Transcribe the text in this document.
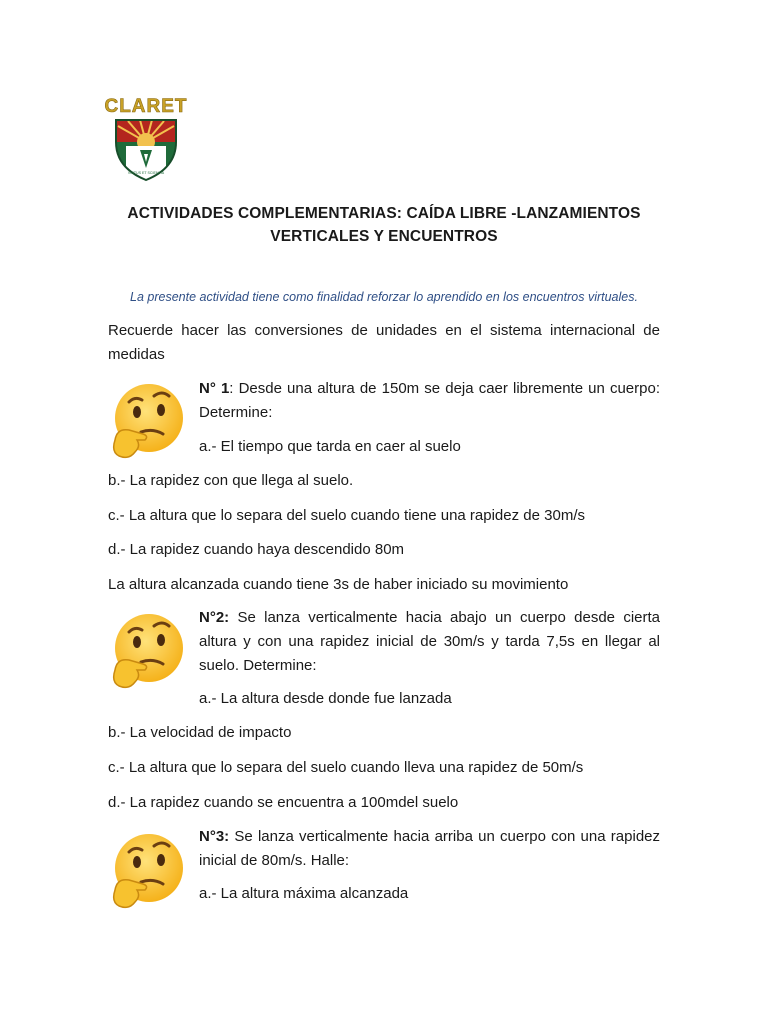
CLARET
VIRTUS ET SCIENTIA
ACTIVIDADES COMPLEMENTARIAS: CAÍDA LIBRE -LANZAMIENTOS
VERTICALES Y ENCUENTROS
La presente actividad tiene como finalidad reforzar lo aprendido en los encuentros virtuales.
Recuerde hacer las conversiones de unidades en el sistema internacional de medidas
N° 1: Desde una altura de 150m se deja caer libremente un cuerpo: Determine:
a.- El tiempo que tarda en caer al suelo
b.- La rapidez con que llega al suelo.
c.- La altura que lo separa del suelo cuando tiene una rapidez de 30m/s
d.- La rapidez cuando haya descendido 80m
La altura alcanzada cuando tiene 3s de haber iniciado su movimiento
N°2: Se lanza verticalmente hacia abajo un cuerpo desde cierta altura y con una rapidez inicial de 30m/s y tarda 7,5s en llegar al suelo. Determine:
a.- La altura desde donde fue lanzada
b.- La velocidad de impacto
c.- La altura que lo separa del suelo cuando lleva una rapidez de 50m/s
d.- La rapidez cuando se encuentra a 100mdel suelo
N°3: Se lanza verticalmente hacia arriba un cuerpo con una rapidez inicial de 80m/s. Halle:
a.- La altura máxima alcanzada
